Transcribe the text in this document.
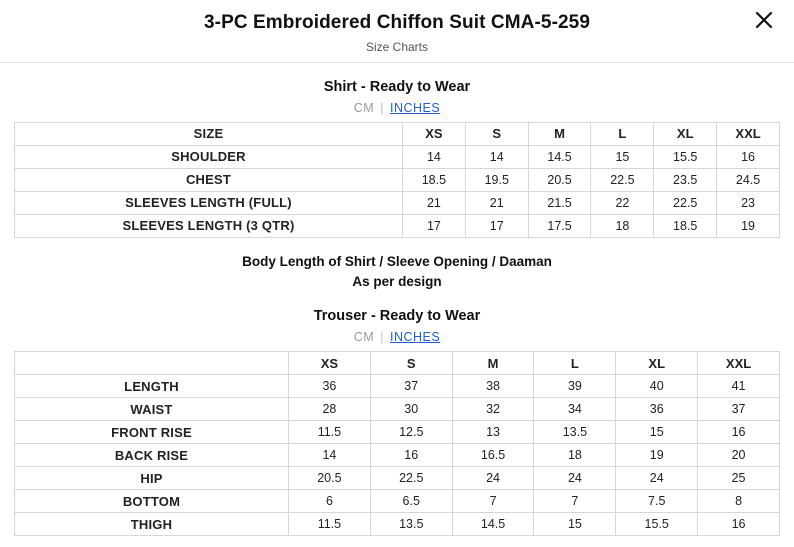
3-PC Embroidered Chiffon Suit CMA-5-259
Size Charts
Shirt - Ready to Wear
CM | INCHES
SIZE	XS	S	M	L	XL	XXL
SHOULDER	14	14	14.5	15	15.5	16
CHEST	18.5	19.5	20.5	22.5	23.5	24.5
SLEEVES LENGTH (FULL)	21	21	21.5	22	22.5	23
SLEEVES LENGTH (3 QTR)	17	17	17.5	18	18.5	19
Body Length of Shirt / Sleeve Opening / Daaman
As per design
Trouser - Ready to Wear
CM | INCHES
	XS	S	M	L	XL	XXL
LENGTH	36	37	38	39	40	41
WAIST	28	30	32	34	36	37
FRONT RISE	11.5	12.5	13	13.5	15	16
BACK RISE	14	16	16.5	18	19	20
HIP	20.5	22.5	24	24	24	25
BOTTOM	6	6.5	7	7	7.5	8
THIGH	11.5	13.5	14.5	15	15.5	16
